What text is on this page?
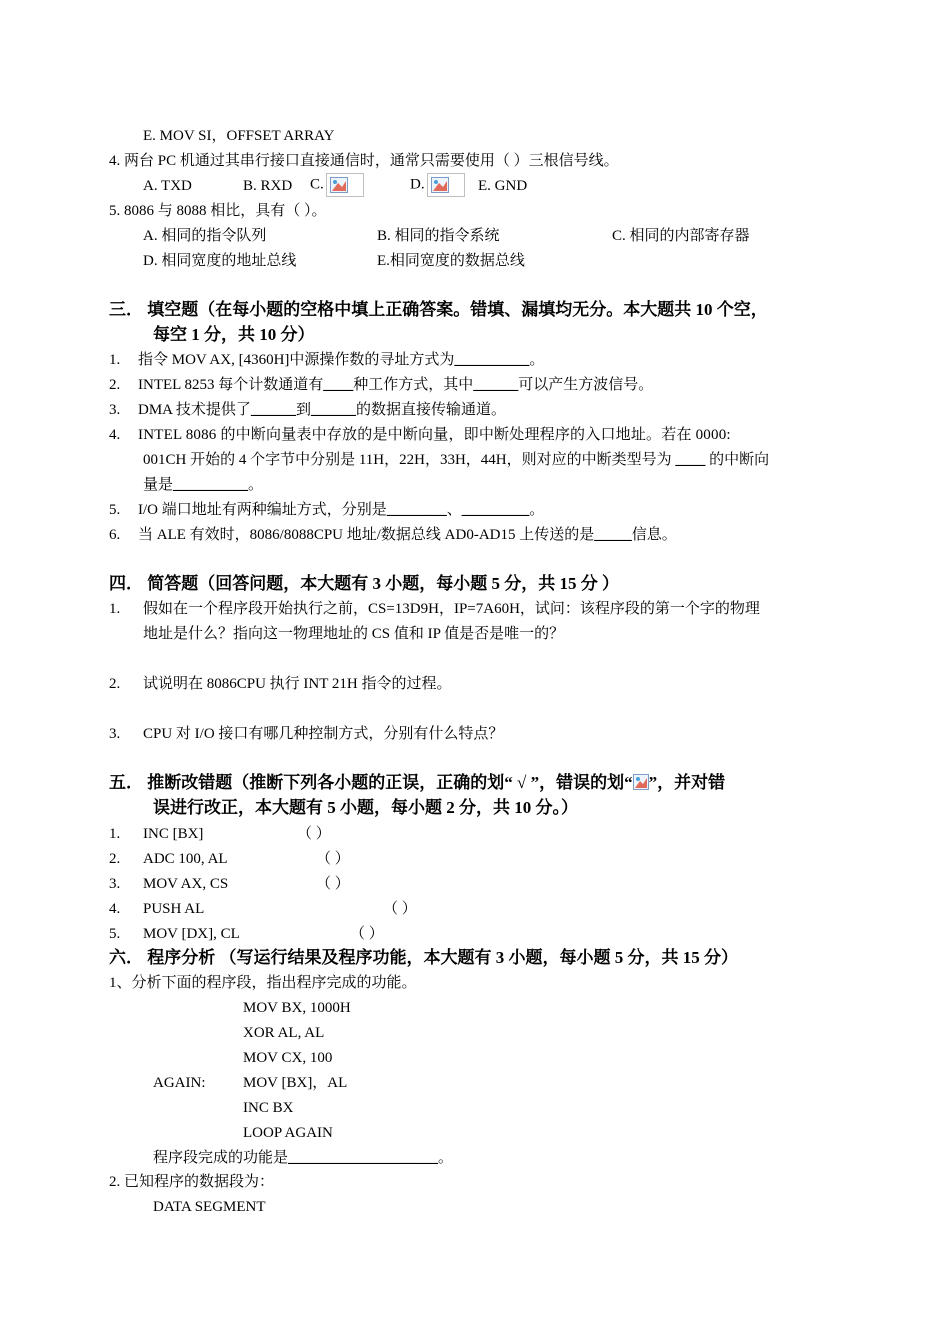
E. MOV SI，OFFSET ARRAY
4. 两台 PC 机通过其串行接口直接通信时，通常只需要使用（ ）三根信号线。
A. TXD	B. RXD C.	D.	E. GND
5. 8086 与 8088 相比，具有（ ）。
A. 相同的指令队列	B. 相同的指令系统	C. 相同的内部寄存器
D. 相同宽度的地址总线	E.相同宽度的数据总线
三． 填空题（在每小题的空格中填上正确答案。错填、漏填均无分。本大题共 10 个空，
每空 1 分，共 10 分）
1. 指令 MOV AX, [4360H]中源操作数的寻址方式为__________。
2. INTEL 8253 每个计数通道有____种工作方式，其中______可以产生方波信号。
3. DMA 技术提供了______到______的数据直接传输通道。
4. INTEL 8086 的中断向量表中存放的是中断向量，即中断处理程序的入口地址。若在 0000:
001CH 开始的 4 个字节中分别是 11H，22H，33H，44H，则对应的中断类型号为 ____ 的中断向
量是__________。
5. I/O 端口地址有两种编址方式，分别是________、_________。
6. 当 ALE 有效时，8086/8088CPU 地址/数据总线 AD0-AD15 上传送的是_____信息。
四． 简答题（回答问题，本大题有 3 小题，每小题 5 分，共 15 分 ）
1. 假如在一个程序段开始执行之前，CS=13D9H，IP=7A60H，试问：该程序段的第一个字的物理
地址是什么？指向这一物理地址的 CS 值和 IP 值是否是唯一的？
2. 试说明在 8086CPU 执行 INT 21H 指令的过程。
3. CPU 对 I/O 接口有哪几种控制方式，分别有什么特点？
五． 推断改错题（推断下列各小题的正误，正确的划“ √ ”，错误的划“ ”，并对错
误进行改正，本大题有 5 小题，每小题 2 分，共 10 分。）
1. INC [BX]	（ ）
2. ADC 100, AL	（ ）
3. MOV AX, CS	（ ）
4. PUSH AL	（ ）
5. MOV [DX], CL	（ ）
六． 程序分析 （写运行结果及程序功能，本大题有 3 小题，每小题 5 分，共 15 分）
1、分析下面的程序段，指出程序完成的功能。
MOV BX, 1000H
XOR AL, AL
MOV CX, 100
AGAIN:	MOV [BX]，AL
INC BX
LOOP AGAIN
程序段完成的功能是____________________。
2. 已知程序的数据段为：
DATA SEGMENT
